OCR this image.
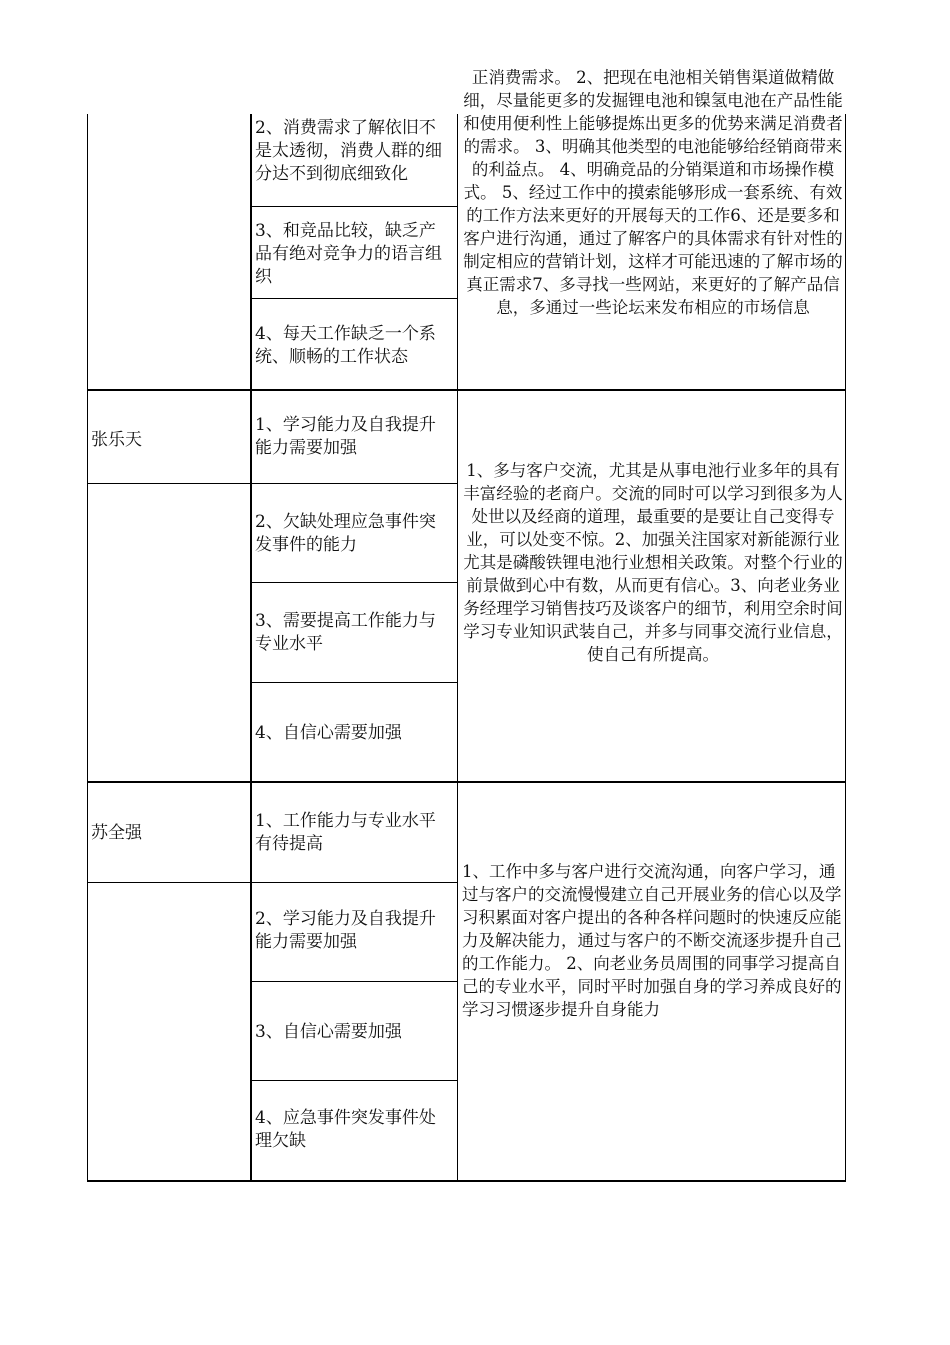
2、消费需求了解依旧不是太透彻，消费人群的细分达不到彻底细致化
3、和竞品比较，缺乏产品有绝对竞争力的语言组织
4、每天工作缺乏一个系统、顺畅的工作状态
正消费需求。 2、把现在电池相关销售渠道做精做细，尽量能更多的发掘锂电池和镍氢电池在产品性能和使用便利性上能够提炼出更多的优势来满足消费者的需求。 3、明确其他类型的电池能够给经销商带来的利益点。 4、明确竞品的分销渠道和市场操作模式。 5、经过工作中的摸索能够形成一套系统、有效的工作方法来更好的开展每天的工作6、还是要多和客户进行沟通，通过了解客户的具体需求有针对性的制定相应的营销计划，这样才可能迅速的了解市场的真正需求7、多寻找一些网站，来更好的了解产品信息，多通过一些论坛来发布相应的市场信息
张乐天
1、学习能力及自我提升能力需要加强
2、欠缺处理应急事件突发事件的能力
3、需要提高工作能力与专业水平
4、自信心需要加强
1、多与客户交流，尤其是从事电池行业多年的具有丰富经验的老商户。交流的同时可以学习到很多为人处世以及经商的道理，最重要的是要让自己变得专业，可以处变不惊。2、加强关注国家对新能源行业尤其是磷酸铁锂电池行业想相关政策。对整个行业的前景做到心中有数，从而更有信心。3、向老业务业务经理学习销售技巧及谈客户的细节，利用空余时间学习专业知识武装自己，并多与同事交流行业信息，使自己有所提高。
苏全强
1、工作能力与专业水平有待提高
2、学习能力及自我提升能力需要加强
3、自信心需要加强
4、应急事件突发事件处理欠缺
1、工作中多与客户进行交流沟通，向客户学习，通过与客户的交流慢慢建立自己开展业务的信心以及学习积累面对客户提出的各种各样问题时的快速反应能力及解决能力，通过与客户的不断交流逐步提升自己的工作能力。 2、向老业务员周围的同事学习提高自己的专业水平，同时平时加强自身的学习养成良好的学习习惯逐步提升自身能力
